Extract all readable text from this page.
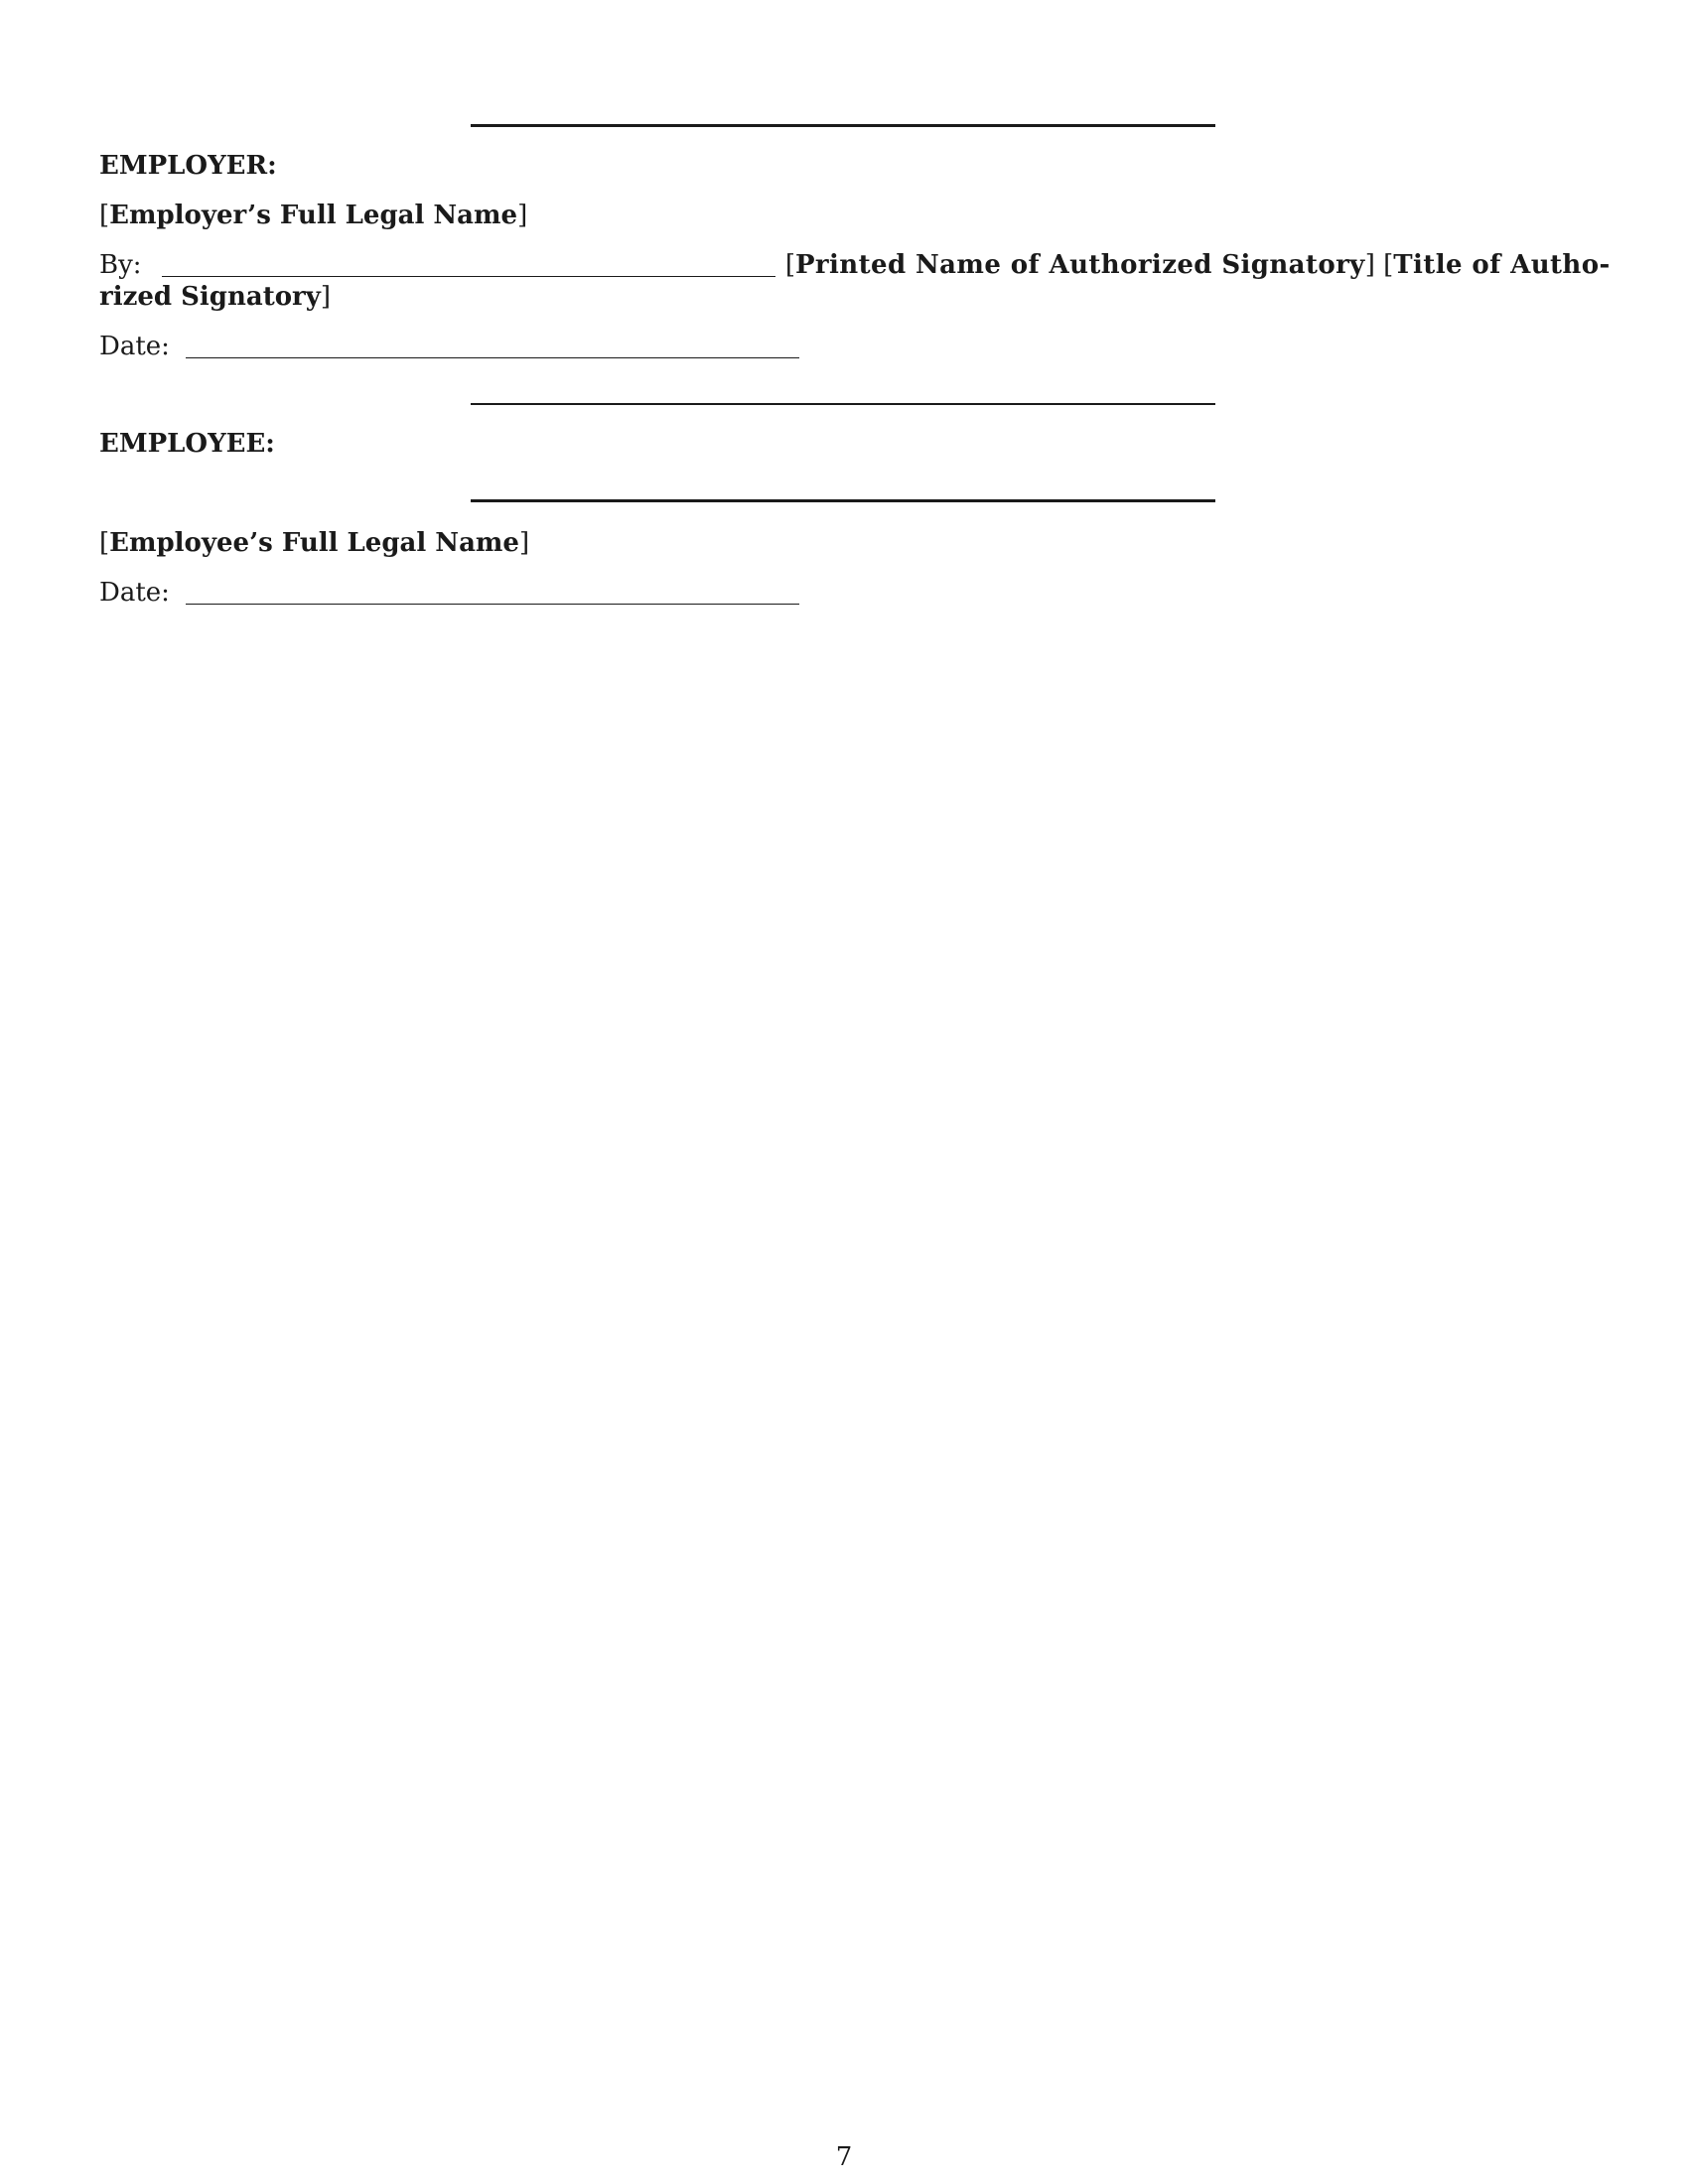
EMPLOYER:
[Employer’s Full Legal Name]
By:	[Printed Name of Authorized Signatory] [Title of Autho-
rized Signatory]
Date:
EMPLOYEE:
[Employee’s Full Legal Name]
Date:
7
